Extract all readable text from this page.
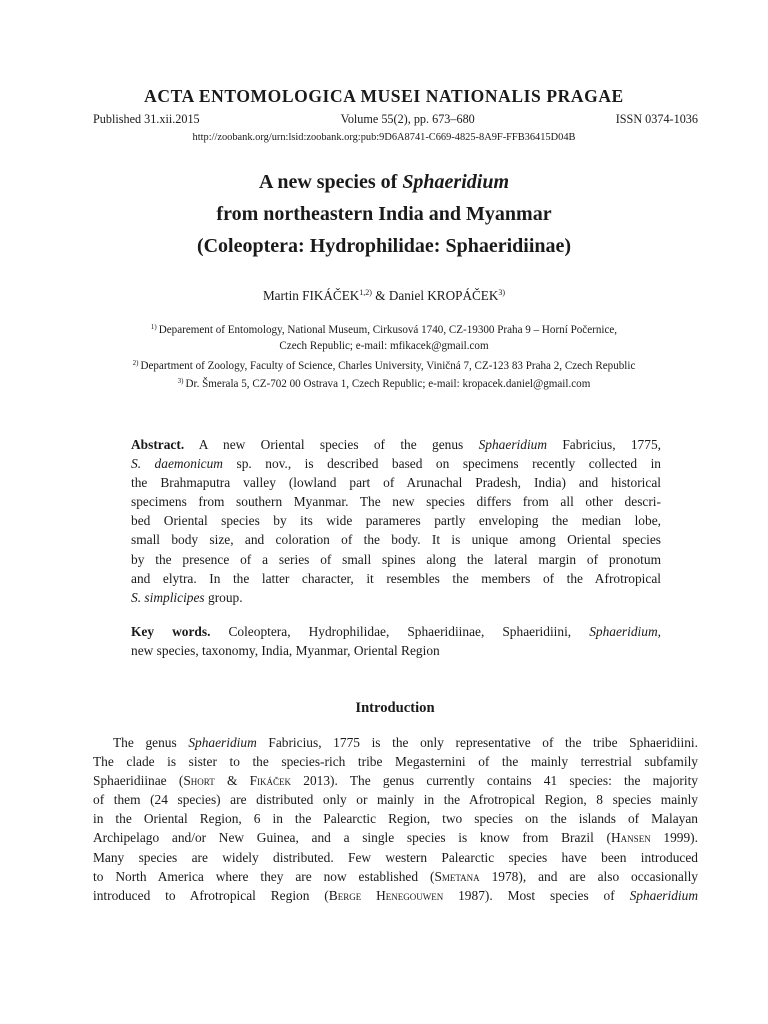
ACTA ENTOMOLOGICA MUSEI NATIONALIS PRAGAE
Published 31.xii.2015	Volume 55(2), pp. 673–680	ISSN 0374-1036
http://zoobank.org/urn:lsid:zoobank.org:pub:9D6A8741-C669-4825-8A9F-FFB36415D04B
A new species of Sphaeridium
from northeastern India and Myanmar
(Coleoptera: Hydrophilidae: Sphaeridiinae)
Martin FIKÁČEK$^{1,2)}$ & Daniel KROPÁČEK$^{3)}$
$^{1)}$ Deparement of Entomology, National Museum, Cirkusová 1740, CZ-19300 Praha 9 – Horní Počernice,
Czech Republic; e-mail: mfikacek@gmail.com
$^{2)}$ Department of Zoology, Faculty of Science, Charles University, Viničná 7, CZ-123 83 Praha 2, Czech Republic
$^{3)}$ Dr. Šmerala 5, CZ-702 00 Ostrava 1, Czech Republic; e-mail: kropacek.daniel@gmail.com
Abstract. A new Oriental species of the genus Sphaeridium Fabricius, 1775,
S. daemonicum sp. nov., is described based on specimens recently collected in
the Brahmaputra valley (lowland part of Arunachal Pradesh, India) and historical
specimens from southern Myanmar. The new species differs from all other descri-
bed Oriental species by its wide parameres partly enveloping the median lobe,
small body size, and coloration of the body. It is unique among Oriental species
by the presence of a series of small spines along the lateral margin of pronotum
and elytra. In the latter character, it resembles the members of the Afrotropical
S. simplicipes group.
Key words. Coleoptera, Hydrophilidae, Sphaeridiinae, Sphaeridiini, Sphaeridium,
new species, taxonomy, India, Myanmar, Oriental Region
Introduction
The genus Sphaeridium Fabricius, 1775 is the only representative of the tribe Sphaeridiini.
The clade is sister to the species-rich tribe Megasternini of the mainly terrestrial subfamily
Sphaeridiinae (Short & Fikáček 2013). The genus currently contains 41 species: the majority
of them (24 species) are distributed only or mainly in the Afrotropical Region, 8 species mainly
in the Oriental Region, 6 in the Palearctic Region, two species on the islands of Malayan
Archipelago and/or New Guinea, and a single species is know from Brazil (Hansen 1999).
Many species are widely distributed. Few western Palearctic species have been introduced
to North America where they are now established (Smetana 1978), and are also occasionally
introduced to Afrotropical Region (Berge Henegouwen 1987). Most species of Sphaeridium
